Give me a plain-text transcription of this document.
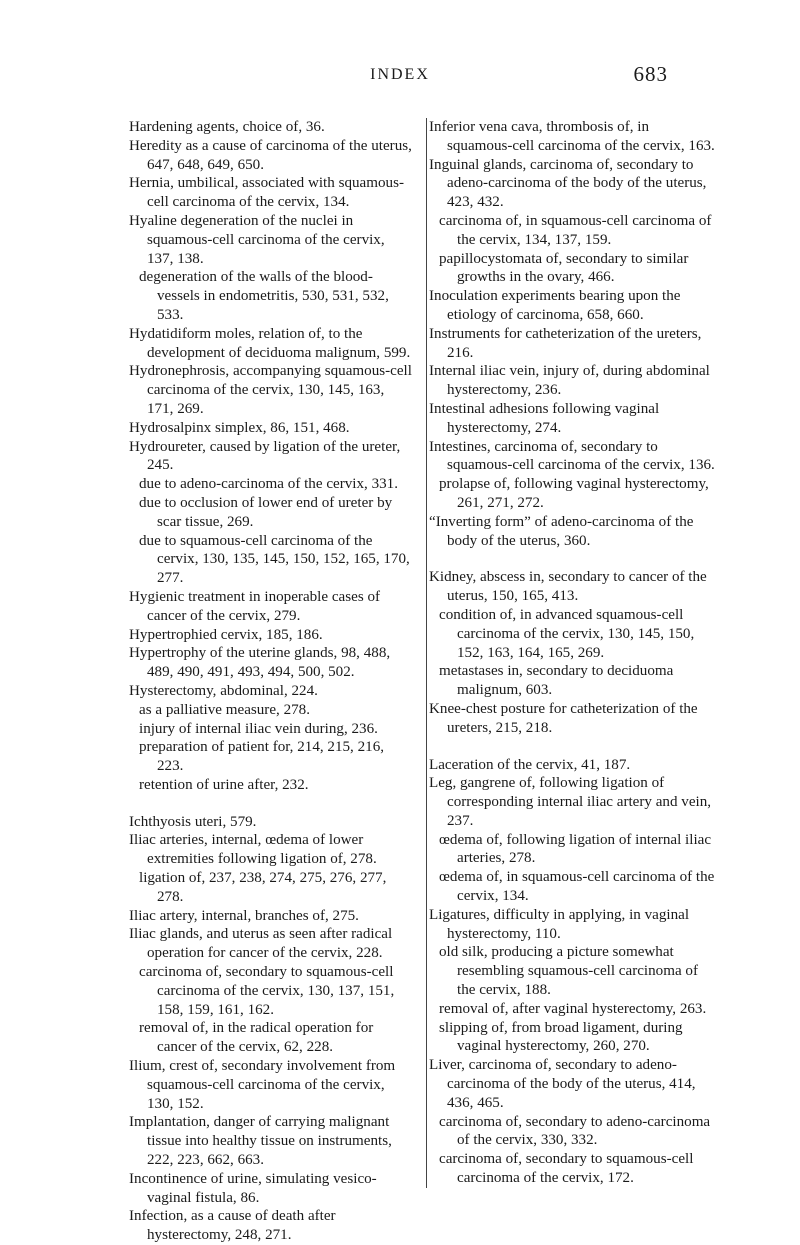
INDEX	683

Hardening agents, choice of, 36.

Heredity as a cause of carcinoma of the uterus, 647, 648, 649, 650.

Hernia, umbilical, associated with squamous-cell carcinoma of the cervix, 134.

Hyaline degeneration of the nuclei in squamous-cell carcinoma of the cervix, 137, 138.

degeneration of the walls of the blood-vessels in endometritis, 530, 531, 532, 533.

Hydatidiform moles, relation of, to the development of deciduoma malignum, 599.

Hydronephrosis, accompanying squamous-cell carcinoma of the cervix, 130, 145, 163, 171, 269.

Hydrosalpinx simplex, 86, 151, 468.

Hydroureter, caused by ligation of the ureter, 245.

due to adeno-carcinoma of the cervix, 331.

due to occlusion of lower end of ureter by scar tissue, 269.

due to squamous-cell carcinoma of the cervix, 130, 135, 145, 150, 152, 165, 170, 277.

Hygienic treatment in inoperable cases of cancer of the cervix, 279.

Hypertrophied cervix, 185, 186.

Hypertrophy of the uterine glands, 98, 488, 489, 490, 491, 493, 494, 500, 502.

Hysterectomy, abdominal, 224.

as a palliative measure, 278.

injury of internal iliac vein during, 236.

preparation of patient for, 214, 215, 216, 223.

retention of urine after, 232.

Ichthyosis uteri, 579.

Iliac arteries, internal, œdema of lower extremities following ligation of, 278.

ligation of, 237, 238, 274, 275, 276, 277, 278.

Iliac artery, internal, branches of, 275.

Iliac glands, and uterus as seen after radical operation for cancer of the cervix, 228.

carcinoma of, secondary to squamous-cell carcinoma of the cervix, 130, 137, 151, 158, 159, 161, 162.

removal of, in the radical operation for cancer of the cervix, 62, 228.

Ilium, crest of, secondary involvement from squamous-cell carcinoma of the cervix, 130, 152.

Implantation, danger of carrying malignant tissue into healthy tissue on instruments, 222, 223, 662, 663.

Incontinence of urine, simulating vesico-vaginal fistula, 86.

Infection, as a cause of death after hysterectomy, 248, 271.

Inferior vena cava, thrombosis of, in squamous-cell carcinoma of the cervix, 163.

Inguinal glands, carcinoma of, secondary to adeno-carcinoma of the body of the uterus, 423, 432.

carcinoma of, in squamous-cell carcinoma of the cervix, 134, 137, 159.

papillocystomata of, secondary to similar growths in the ovary, 466.

Inoculation experiments bearing upon the etiology of carcinoma, 658, 660.

Instruments for catheterization of the ureters, 216.

Internal iliac vein, injury of, during abdominal hysterectomy, 236.

Intestinal adhesions following vaginal hysterectomy, 274.

Intestines, carcinoma of, secondary to squamous-cell carcinoma of the cervix, 136.

prolapse of, following vaginal hysterectomy, 261, 271, 272.

“Inverting form” of adeno-carcinoma of the body of the uterus, 360.

Kidney, abscess in, secondary to cancer of the uterus, 150, 165, 413.

condition of, in advanced squamous-cell carcinoma of the cervix, 130, 145, 150, 152, 163, 164, 165, 269.

metastases in, secondary to deciduoma malignum, 603.

Knee-chest posture for catheterization of the ureters, 215, 218.

Laceration of the cervix, 41, 187.

Leg, gangrene of, following ligation of corresponding internal iliac artery and vein, 237.

œdema of, following ligation of internal iliac arteries, 278.

œdema of, in squamous-cell carcinoma of the cervix, 134.

Ligatures, difficulty in applying, in vaginal hysterectomy, 110.

old silk, producing a picture somewhat resembling squamous-cell carcinoma of the cervix, 188.

removal of, after vaginal hysterectomy, 263.

slipping of, from broad ligament, during vaginal hysterectomy, 260, 270.

Liver, carcinoma of, secondary to adeno-carcinoma of the body of the uterus, 414, 436, 465.

carcinoma of, secondary to adeno-carcinoma of the cervix, 330, 332.

carcinoma of, secondary to squamous-cell carcinoma of the cervix, 172.
